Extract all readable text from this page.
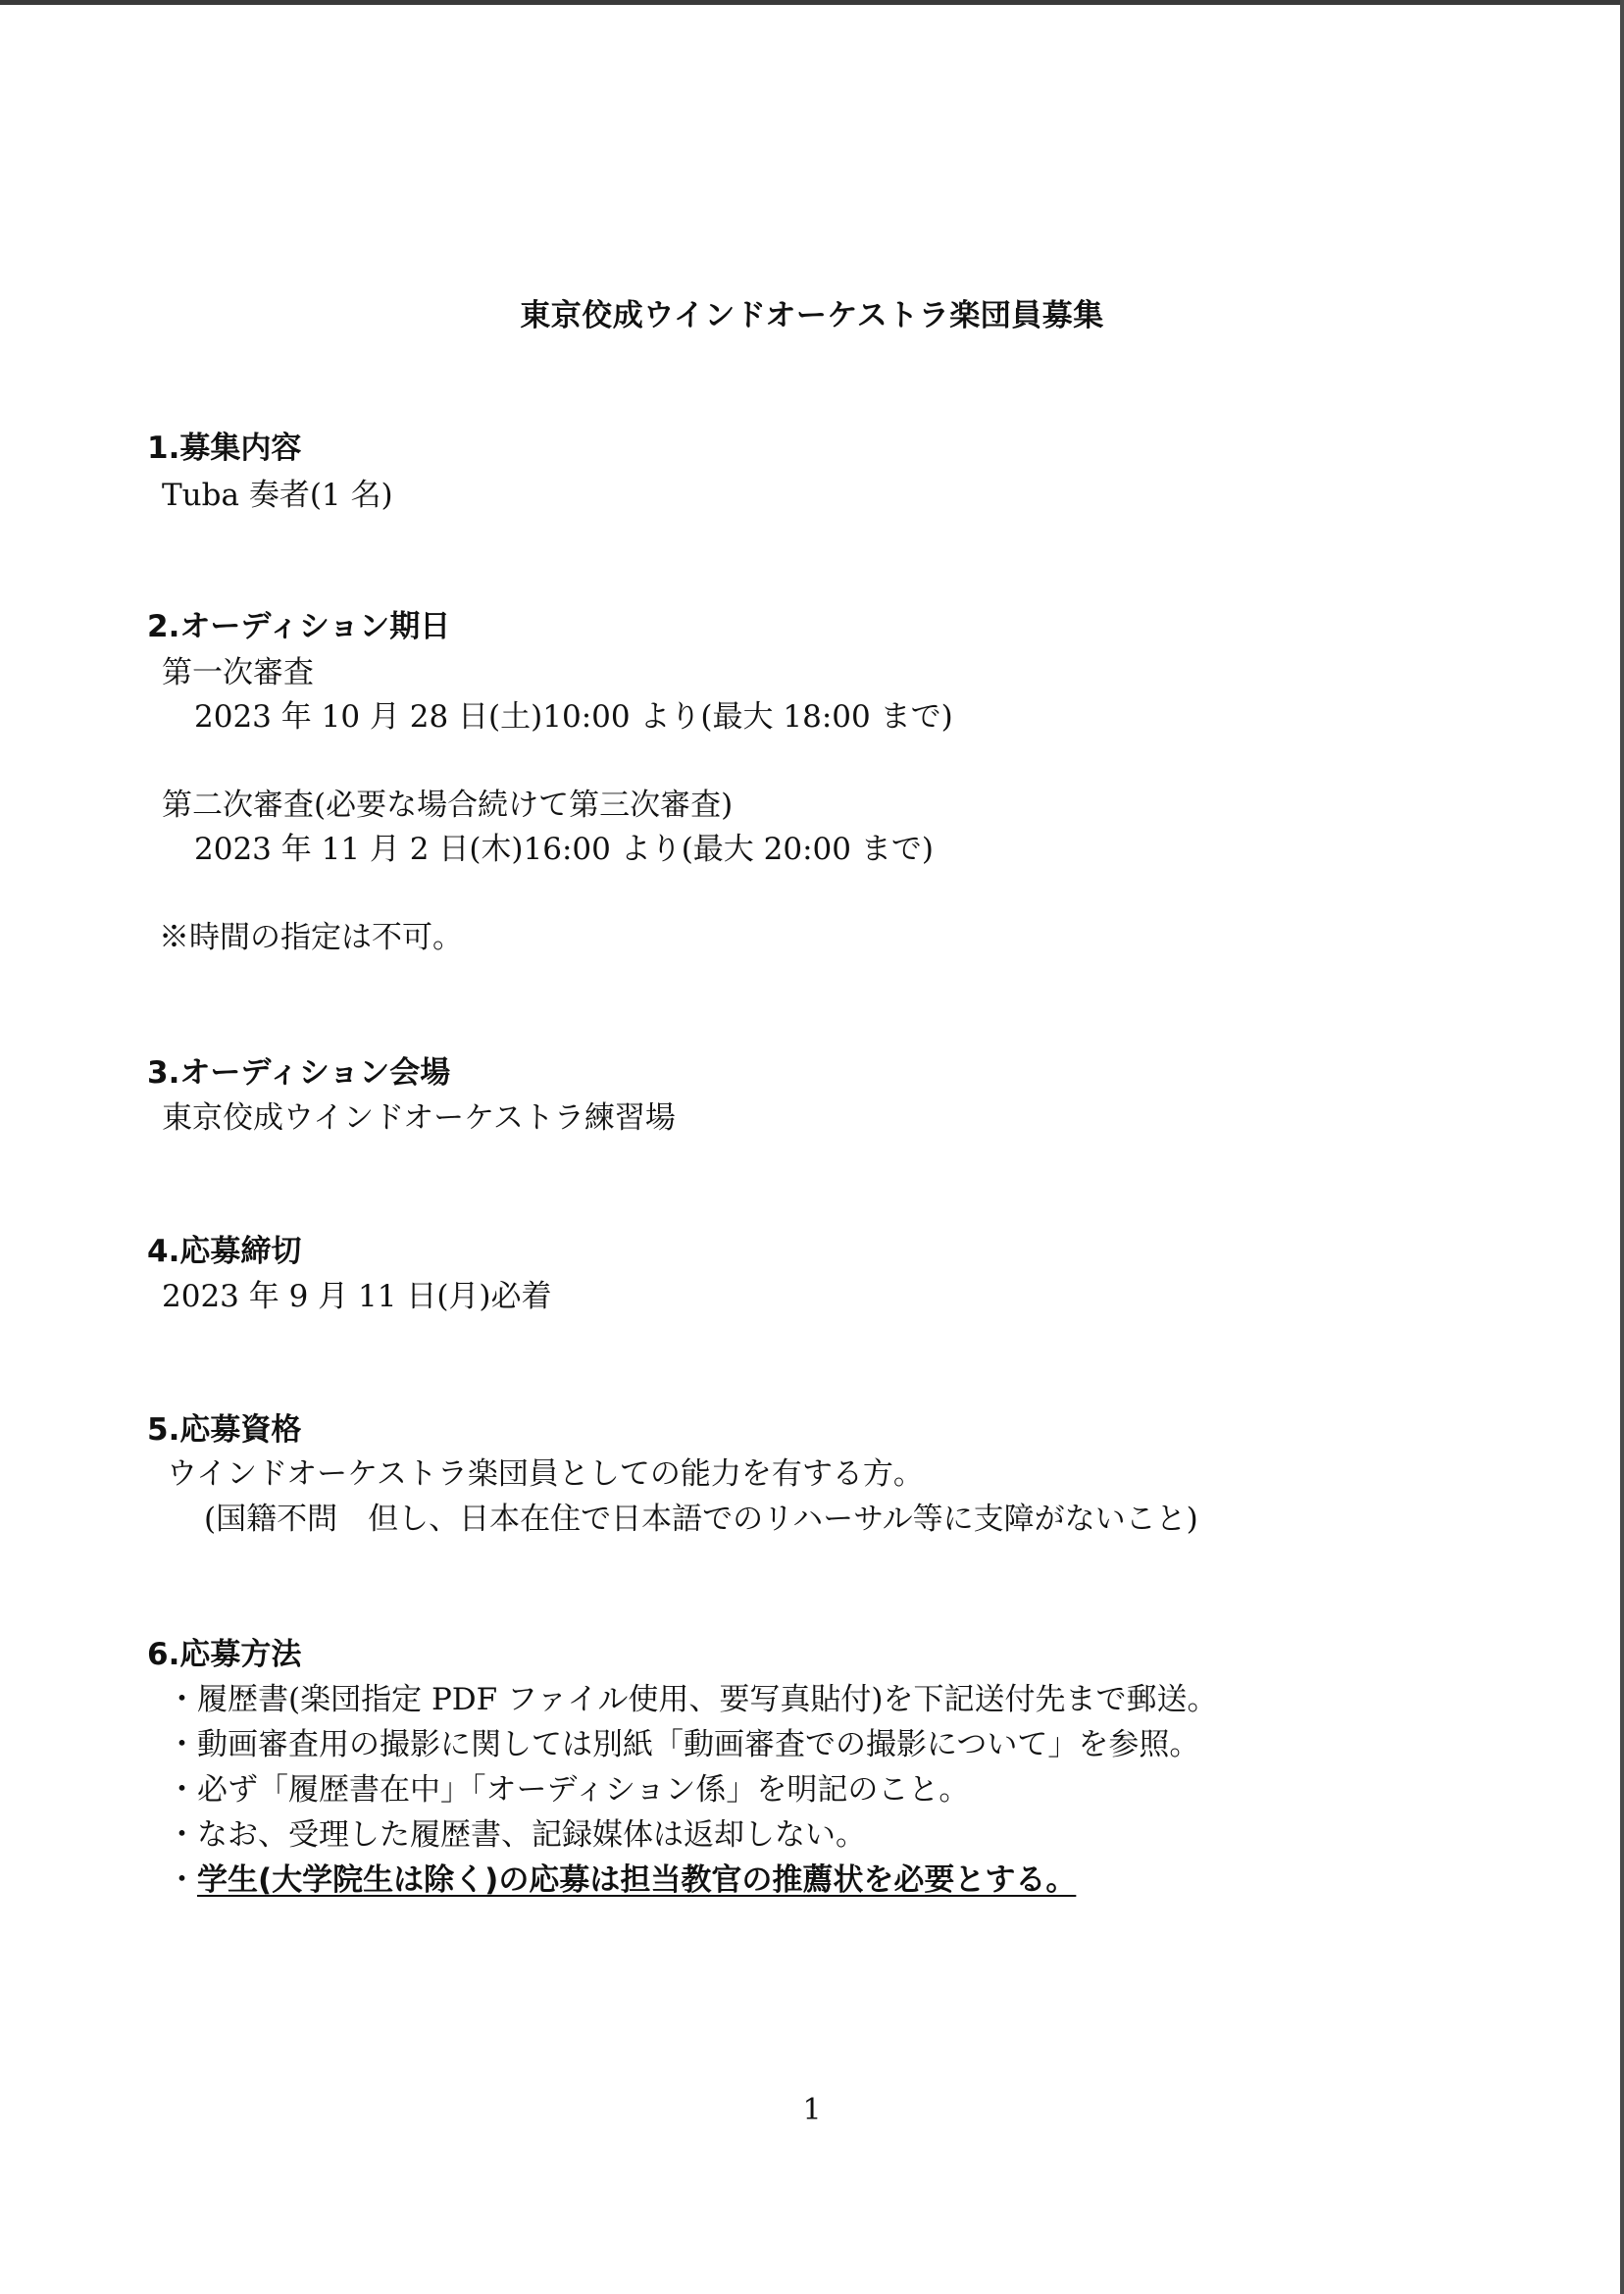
東京佼成ウインドオーケストラ楽団員募集
1.募集内容
Tuba 奏者(1 名)
2.オーディション期日
第一次審査
2023 年 10 月 28 日(土)10:00 より(最大 18:00 まで)
第二次審査(必要な場合続けて第三次審査)
2023 年 11 月 2 日(木)16:00 より(最大 20:00 まで)
※時間の指定は不可。
3.オーディション会場
東京佼成ウインドオーケストラ練習場
4.応募締切
2023 年 9 月 11 日(月)必着
5.応募資格
ウインドオーケストラ楽団員としての能力を有する方。
(国籍不問　但し、日本在住で日本語でのリハーサル等に支障がないこと)
6.応募方法
・履歴書(楽団指定 PDF ファイル使用、要写真貼付)を下記送付先まで郵送。
・動画審査用の撮影に関しては別紙「動画審査での撮影について」を参照。
・必ず「履歴書在中」「オーディション係」を明記のこと。
・なお、受理した履歴書、記録媒体は返却しない。
・学生(大学院生は除く)の応募は担当教官の推薦状を必要とする。
1
